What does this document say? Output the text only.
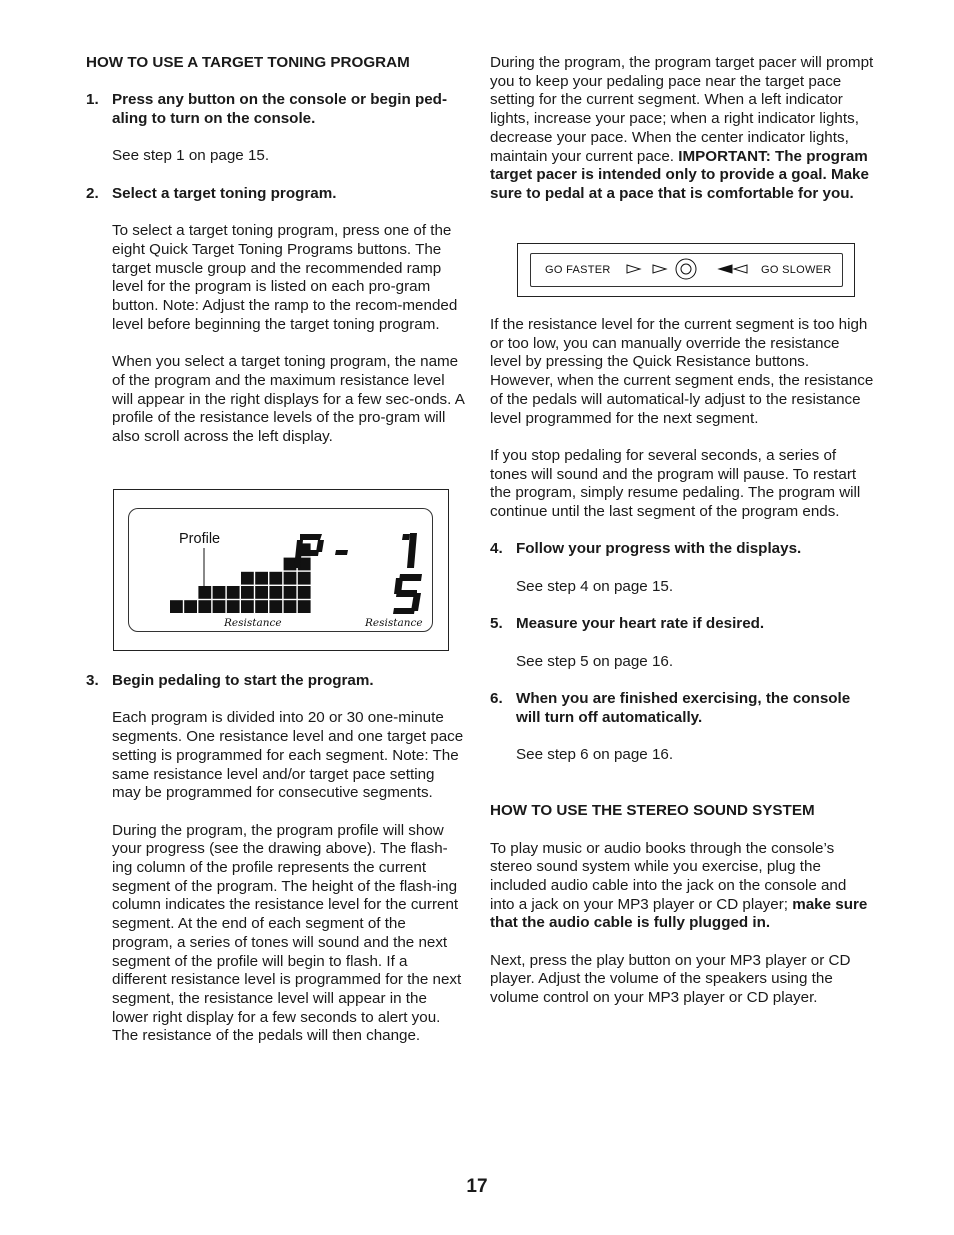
HOW TO USE A TARGET TONING PROGRAM

1. Press any button on the console or begin ped-aling to turn on the console.

See step 1 on page 15.

2. Select a target toning program.

To select a target toning program, press one of the eight Quick Target Toning Programs buttons. The target muscle group and the recommended ramp level for the program is listed on each pro-gram button. Note: Adjust the ramp to the recom-mended level before beginning the target toning program.

When you select a target toning program, the name of the program and the maximum resistance level will appear in the right displays for a few sec-onds. A profile of the resistance levels of the pro-gram will also scroll across the left display.

3. Begin pedaling to start the program.

Each program is divided into 20 or 30 one-minute segments. One resistance level and one target pace setting is programmed for each segment. Note: The same resistance level and/or target pace setting may be programmed for consecutive segments.

During the program, the program profile will show your progress (see the drawing above). The flash-ing column of the profile represents the current segment of the program. The height of the flash-ing column indicates the resistance level for the current segment. At the end of each segment of the program, a series of tones will sound and the next segment of the profile will begin to flash. If a different resistance level is programmed for the next segment, the resistance level will appear in the lower right display for a few seconds to alert you. The resistance of the pedals will then change.

Profile
Resistance	Resistance

During the program, the program target pacer will prompt you to keep your pedaling pace near the target pace setting for the current segment. When a left indicator lights, increase your pace; when a right indicator lights, decrease your pace. When the center indicator lights, maintain your current pace. IMPORTANT: The program target pacer is intended only to provide a goal. Make sure to pedal at a pace that is comfortable for you.

GO FASTER	GO SLOWER

If the resistance level for the current segment is too high or too low, you can manually override the resistance level by pressing the Quick Resistance buttons. However, when the current segment ends, the resistance of the pedals will automatical-ly adjust to the resistance level programmed for the next segment.

If you stop pedaling for several seconds, a series of tones will sound and the program will pause. To restart the program, simply resume pedaling. The program will continue until the last segment of the program ends.

4. Follow your progress with the displays.

See step 4 on page 15.

5. Measure your heart rate if desired.

See step 5 on page 16.

6. When you are finished exercising, the console will turn off automatically.

See step 6 on page 16.

HOW TO USE THE STEREO SOUND SYSTEM

To play music or audio books through the console’s stereo sound system while you exercise, plug the included audio cable into the jack on the console and into a jack on your MP3 player or CD player; make sure that the audio cable is fully plugged in.

Next, press the play button on your MP3 player or CD player. Adjust the volume of the speakers using the volume control on your MP3 player or CD player.

17
